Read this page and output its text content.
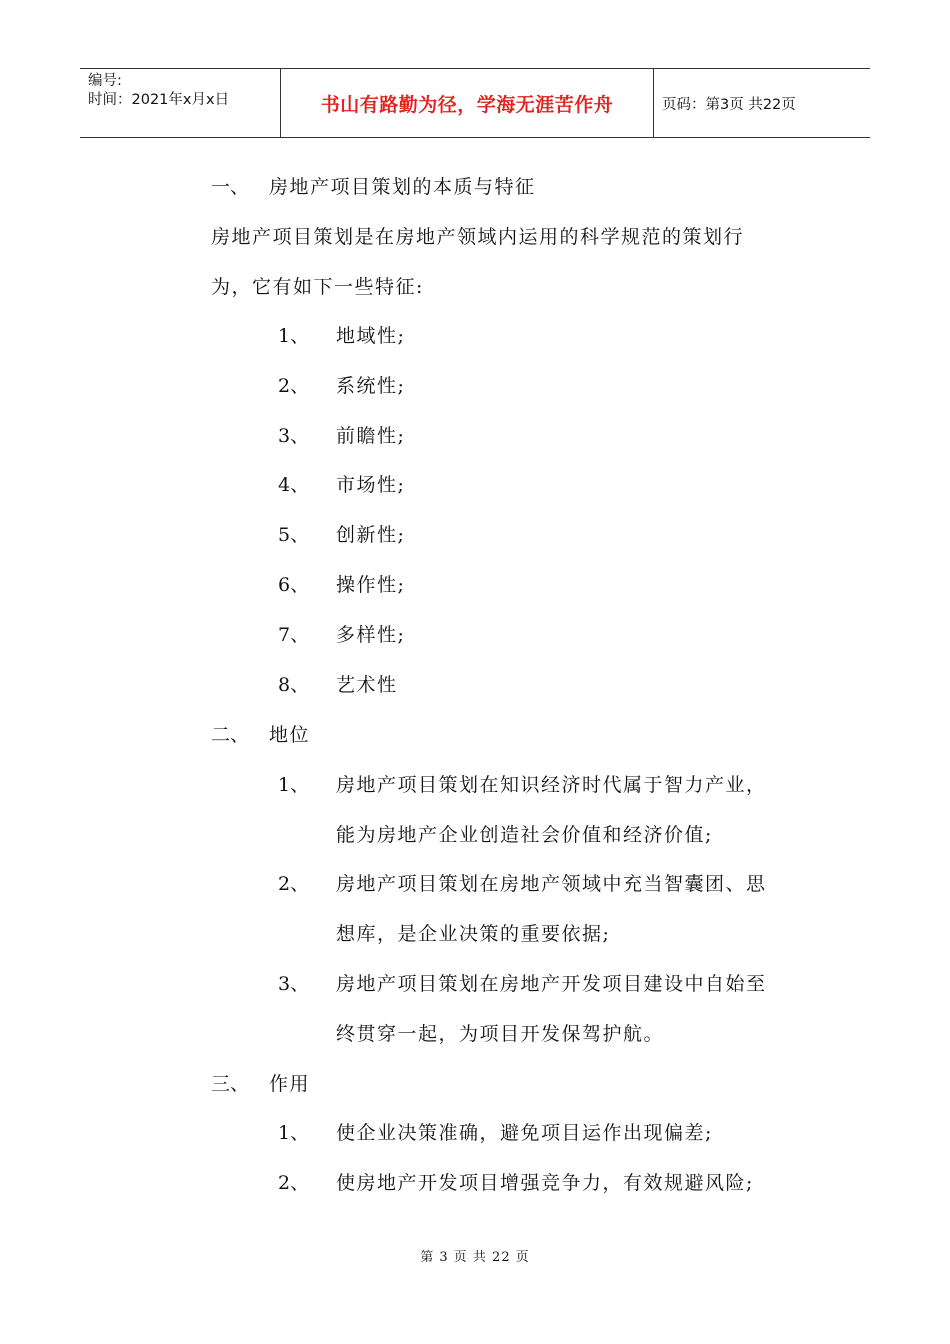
编号:
时间：2021年x月x日	书山有路勤为径，学海无涯苦作舟	页码：第3页 共22页
一、 房地产项目策划的本质与特征
房地产项目策划是在房地产领域内运用的科学规范的策划行
为，它有如下一些特征:
1、 地域性;
2、 系统性;
3、 前瞻性;
4、 市场性;
5、 创新性;
6、 操作性;
7、 多样性;
8、 艺术性
二、 地位
1、 房地产项目策划在知识经济时代属于智力产业，
能为房地产企业创造社会价值和经济价值;
2、 房地产项目策划在房地产领域中充当智囊团、思
想库，是企业决策的重要依据;
3、 房地产项目策划在房地产开发项目建设中自始至
终贯穿一起，为项目开发保驾护航。
三、 作用
1、 使企业决策准确，避免项目运作出现偏差;
2、 使房地产开发项目增强竞争力，有效规避风险;
第 3 页 共 22 页
